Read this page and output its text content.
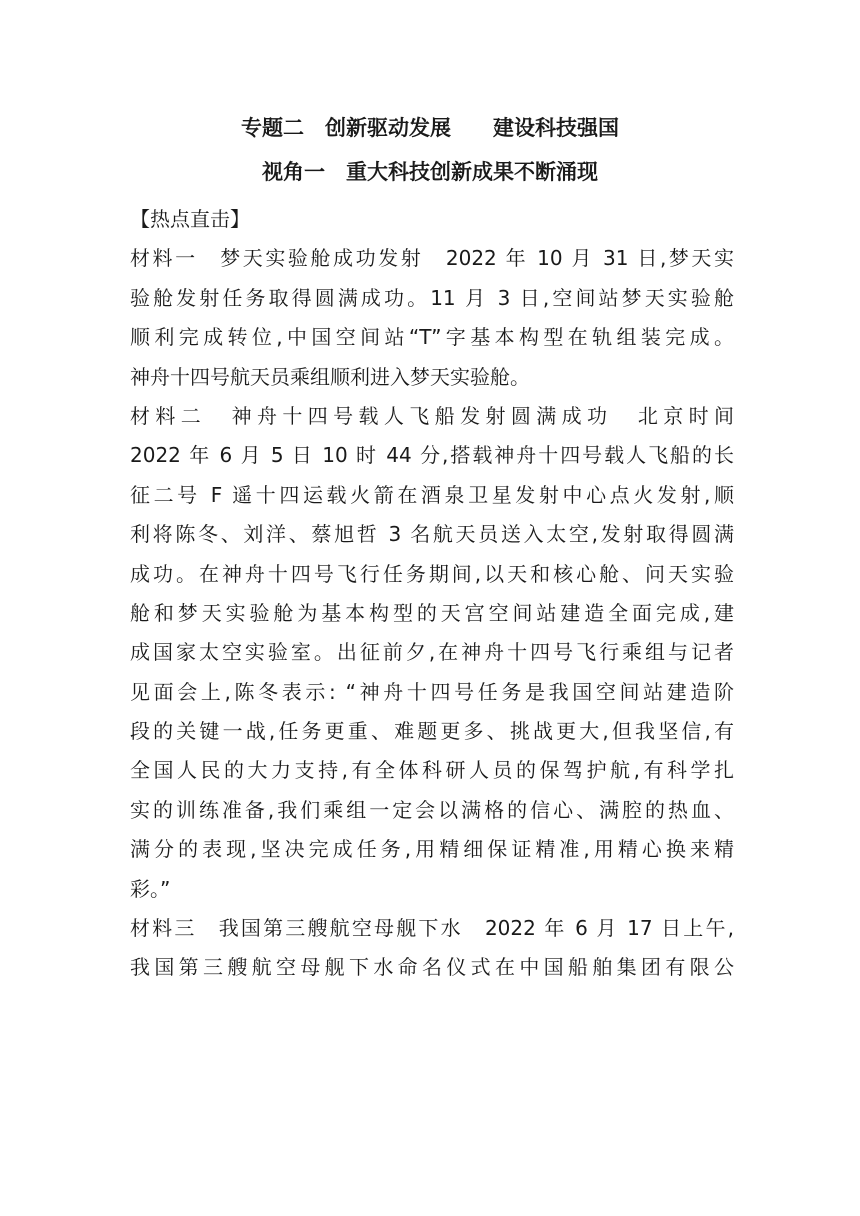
专题二　创新驱动发展　　建设科技强国
视角一　重大科技创新成果不断涌现
【热点直击】
材料一　梦天实验舱成功发射　2022 年 10 月 31 日,梦天实
验舱发射任务取得圆满成功。11 月 3 日,空间站梦天实验舱
顺利完成转位,中国空间站“T”字基本构型在轨组装完成。
神舟十四号航天员乘组顺利进入梦天实验舱。
材料二　神舟十四号载人飞船发射圆满成功　北京时间
2022 年 6 月 5 日 10 时 44 分,搭载神舟十四号载人飞船的长
征二号 F 遥十四运载火箭在酒泉卫星发射中心点火发射,顺
利将陈冬、刘洋、蔡旭哲 3 名航天员送入太空,发射取得圆满
成功。在神舟十四号飞行任务期间,以天和核心舱、问天实验
舱和梦天实验舱为基本构型的天宫空间站建造全面完成,建
成国家太空实验室。出征前夕,在神舟十四号飞行乘组与记者
见面会上,陈冬表示: “神舟十四号任务是我国空间站建造阶
段的关键一战,任务更重、难题更多、挑战更大,但我坚信,有
全国人民的大力支持,有全体科研人员的保驾护航,有科学扎
实的训练准备,我们乘组一定会以满格的信心、满腔的热血、
满分的表现,坚决完成任务,用精细保证精准,用精心换来精
彩。”
材料三　我国第三艘航空母舰下水　2022 年 6 月 17 日上午,
我国第三艘航空母舰下水命名仪式在中国船舶集团有限公
